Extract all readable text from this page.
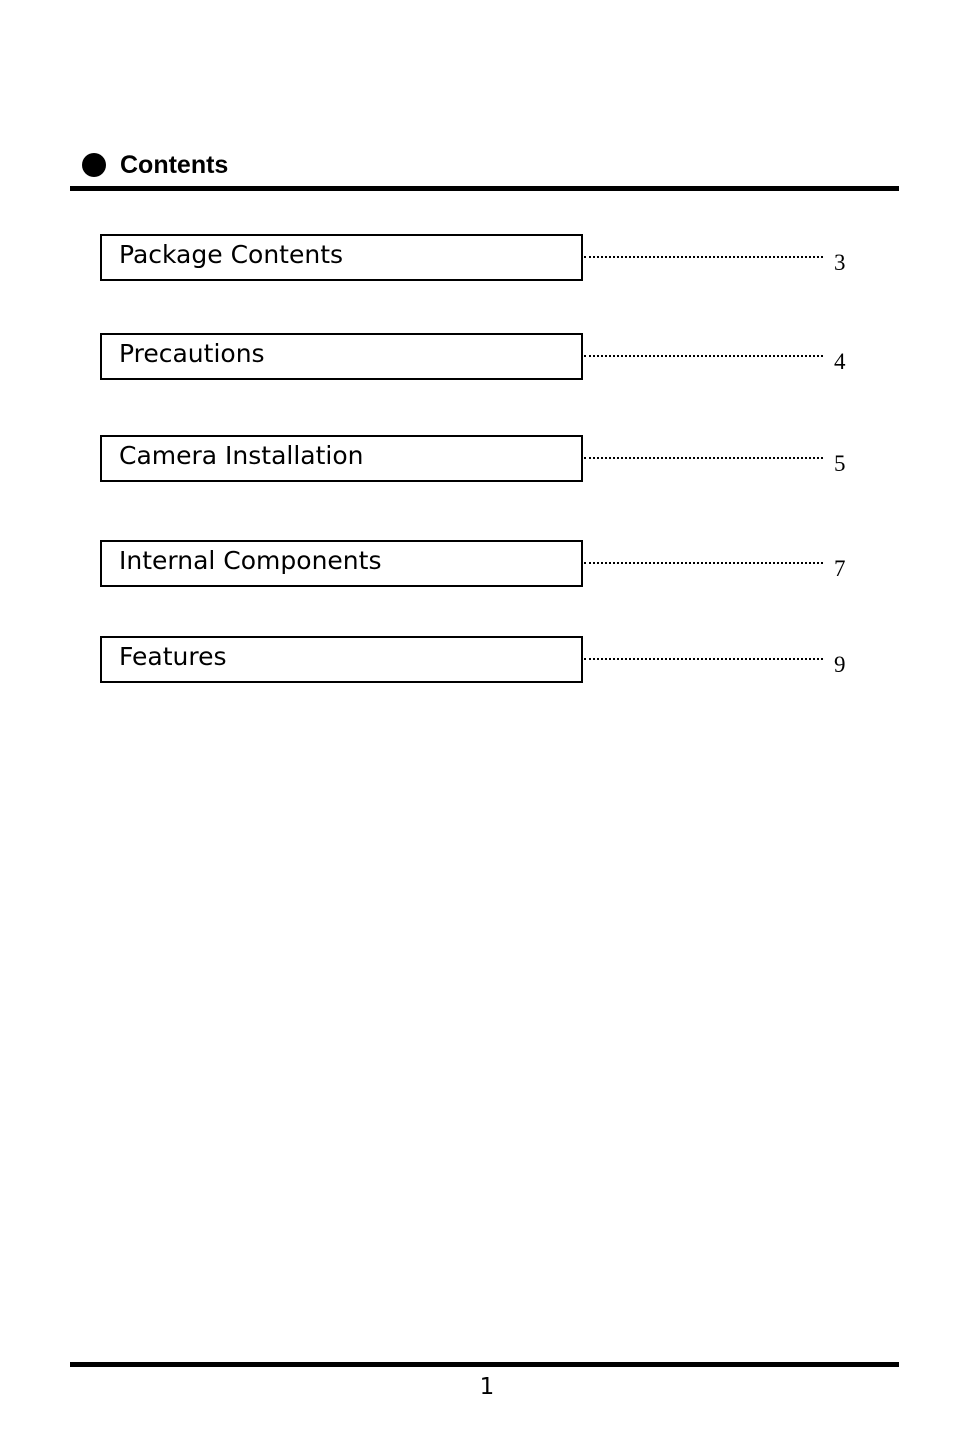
Contents
Package Contents	3
Precautions	4
Camera Installation	5
Internal Components	7
Features	9
1
